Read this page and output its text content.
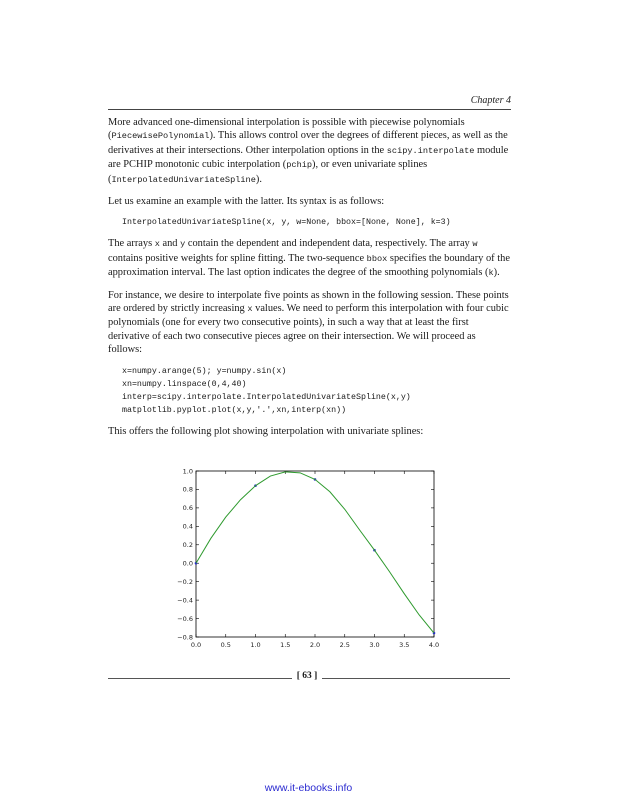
Chapter 4

More advanced one-dimensional interpolation is possible with piecewise polynomials (PiecewisePolynomial). This allows control over the degrees of different pieces, as well as the derivatives at their intersections. Other interpolation options in the scipy.interpolate module are PCHIP monotonic cubic interpolation (pchip), or even univariate splines (InterpolatedUnivariateSpline).

Let us examine an example with the latter. Its syntax is as follows:

InterpolatedUnivariateSpline(x, y, w=None, bbox=[None, None], k=3)

The arrays x and y contain the dependent and independent data, respectively. The array w contains positive weights for spline fitting. The two-sequence bbox specifies the boundary of the approximation interval. The last option indicates the degree of the smoothing polynomials (k).

For instance, we desire to interpolate five points as shown in the following session. These points are ordered by strictly increasing x values. We need to perform this interpolation with four cubic polynomials (one for every two consecutive points), in such a way that at least the first derivative of each two consecutive pieces agree on their intersection. We will proceed as follows:

x=numpy.arange(5); y=numpy.sin(x)
xn=numpy.linspace(0,4,40)
interp=scipy.interpolate.InterpolatedUnivariateSpline(x,y)
matplotlib.pyplot.plot(x,y,'.',xn,interp(xn))

This offers the following plot showing interpolation with univariate splines:

0.0	0.5	1.0	1.5	2.0	2.5	3.0	3.5	4.0
1.0
0.8
0.6
0.4
0.2
0.0
−0.2
−0.4
−0.6
−0.8
[ 63 ]
www.it-ebooks.info
